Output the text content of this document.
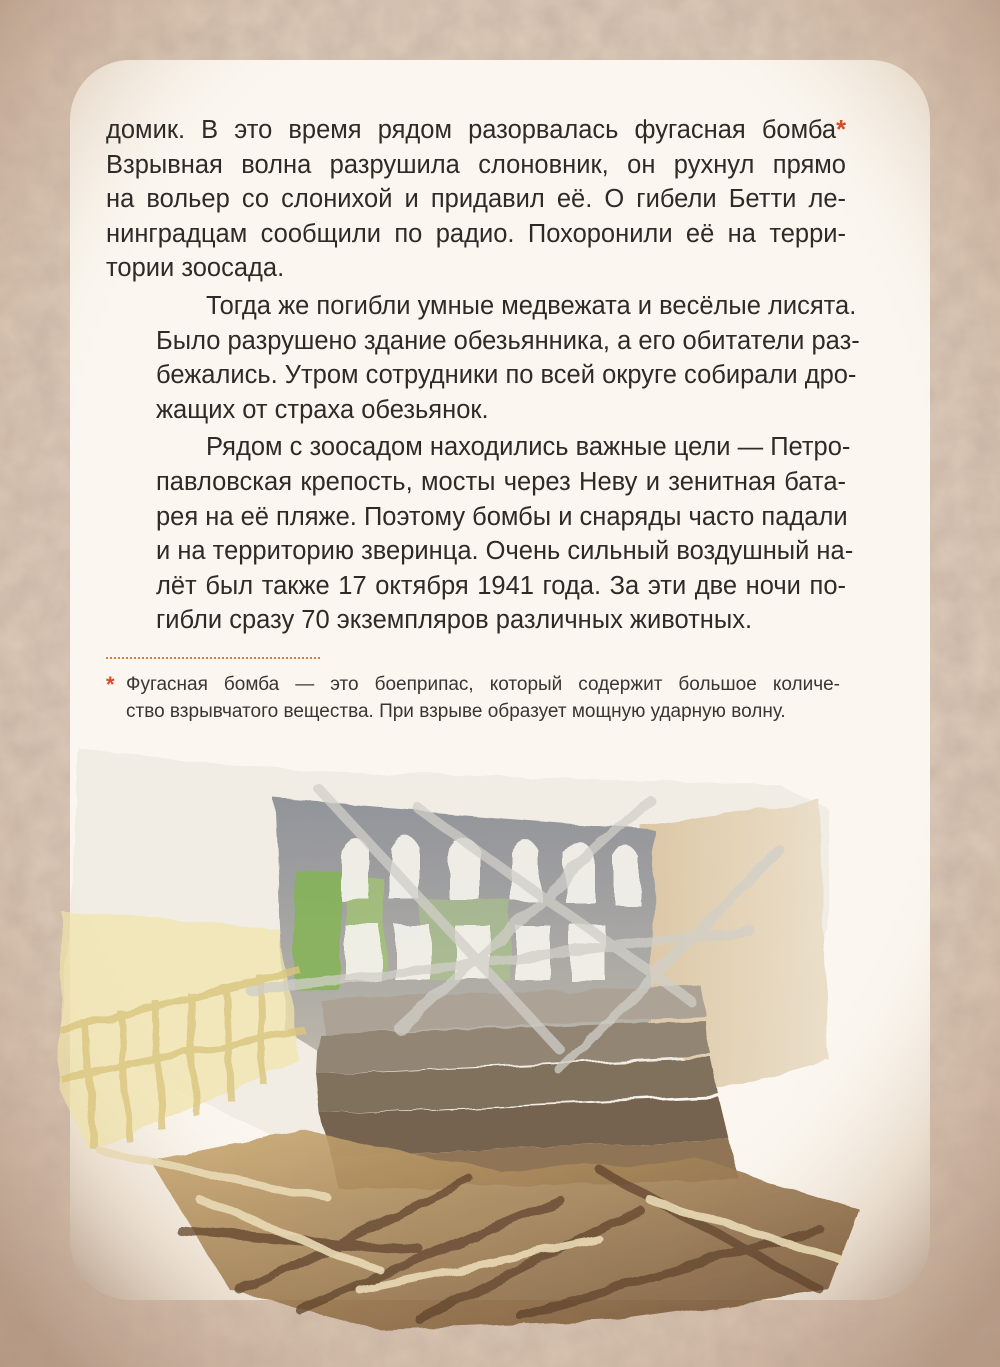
домик. В это время рядом разорвалась фугасная бомба*
Взрывная волна разрушила слоновник, он рухнул прямо
на вольер со слонихой и придавил её. О гибели Бетти ле-
нинградцам сообщили по радио. Похоронили её на терри-
тории зоосада.

Тогда же погибли умные медвежата и весёлые лисята.
Было разрушено здание обезьянника, а его обитатели раз-
бежались. Утром сотрудники по всей округе собирали дро-
жащих от страха обезьянок.

Рядом с зоосадом находились важные цели — Петро-
павловская крепость, мосты через Неву и зенитная бата-
рея на её пляже. Поэтому бомбы и снаряды часто падали
и на территорию зверинца. Очень сильный воздушный на-
лёт был также 17 октября 1941 года. За эти две ночи по-
гибли сразу 70 экземпляров различных животных.

* Фугасная бомба — это боеприпас, который содержит большое количе-
ство взрывчатого вещества. При взрыве образует мощную ударную волну.
